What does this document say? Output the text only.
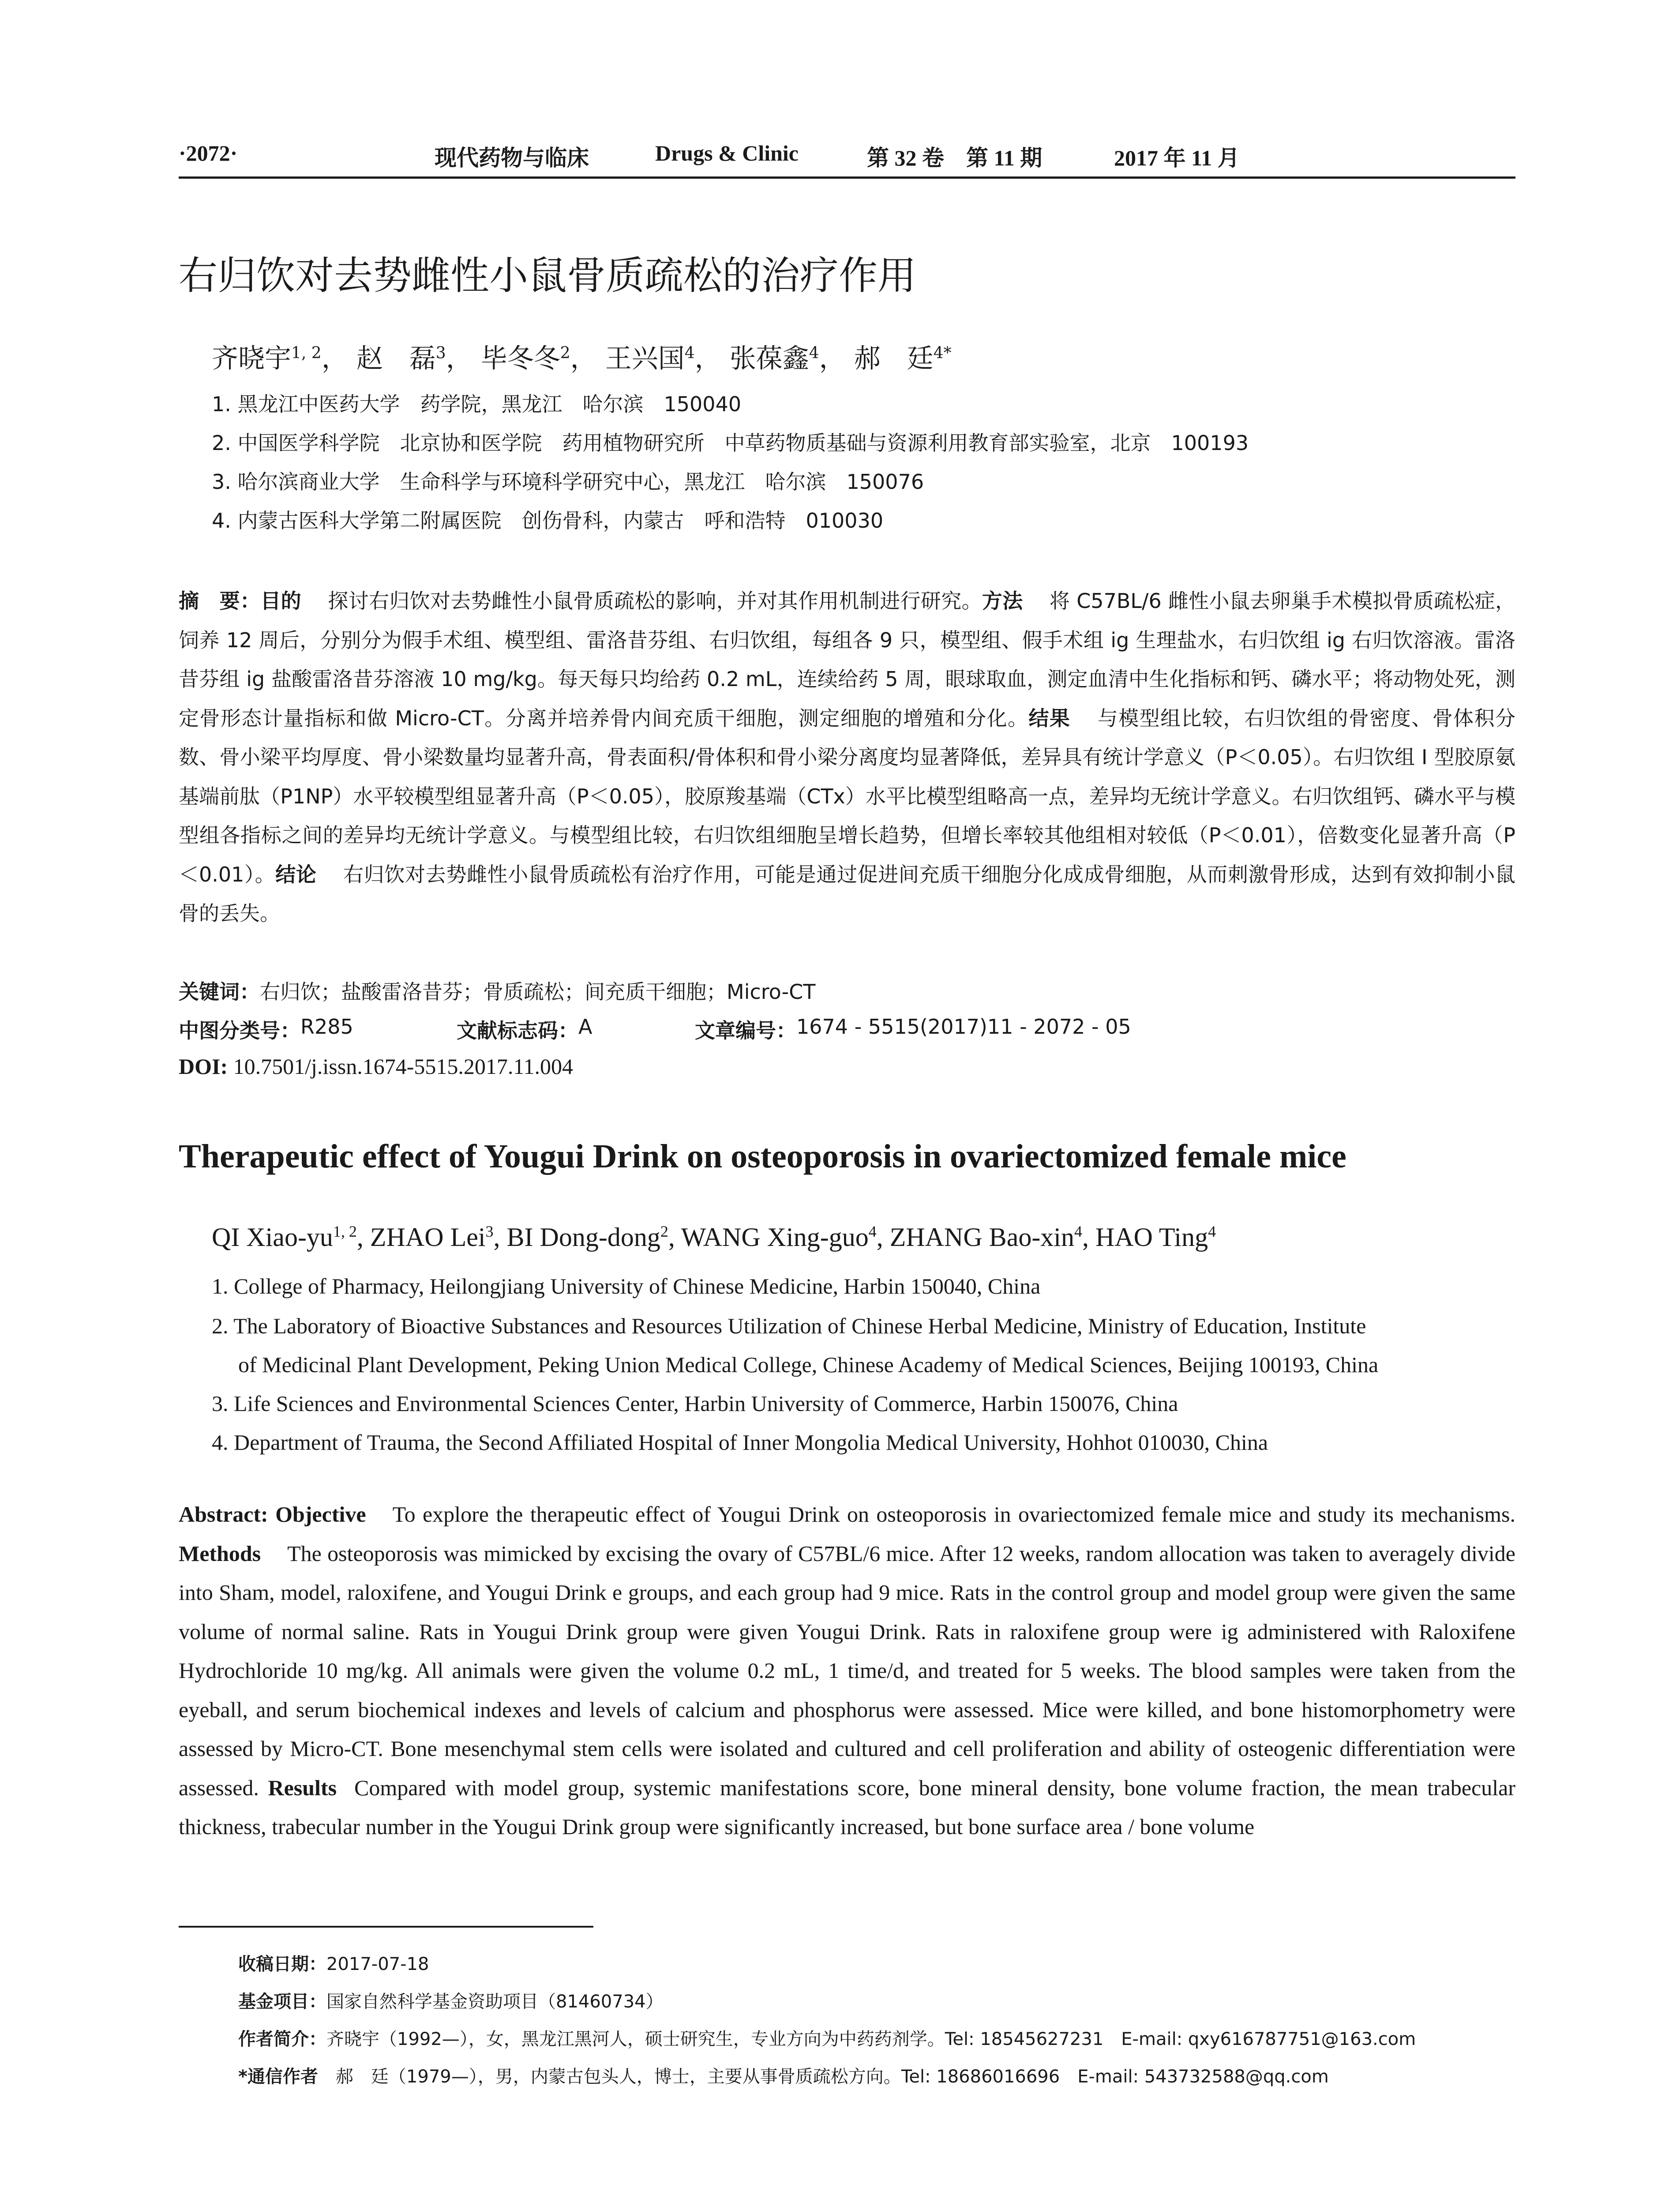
·2072·	现代药物与临床	Drugs & Clinic	第 32 卷　第 11 期	2017 年 11 月
右归饮对去势雌性小鼠骨质疏松的治疗作用
齐晓宇$^{1, 2}$， 赵　磊$^3$， 毕冬冬$^2$， 王兴国$^4$， 张葆鑫$^4$， 郝　廷$^{4*}$
1. 黑龙江中医药大学　药学院，黑龙江　哈尔滨　150040
2. 中国医学科学院　北京协和医学院　药用植物研究所　中草药物质基础与资源利用教育部实验室，北京　100193
3. 哈尔滨商业大学　生命科学与环境科学研究中心，黑龙江　哈尔滨　150076
4. 内蒙古医科大学第二附属医院　创伤骨科，内蒙古　呼和浩特　010030
摘　要：目的 探讨右归饮对去势雌性小鼠骨质疏松的影响，并对其作用机制进行研究。方法 将 C57BL/6 雌性小鼠去卵巢手术模拟骨质疏松症，饲养 12 周后，分别分为假手术组、模型组、雷洛昔芬组、右归饮组，每组各 9 只，模型组、假手术组 ig 生理盐水，右归饮组 ig 右归饮溶液。雷洛昔芬组 ig 盐酸雷洛昔芬溶液 10 mg/kg。每天每只均给药 0.2 mL，连续给药 5 周，眼球取血，测定血清中生化指标和钙、磷水平；将动物处死，测定骨形态计量指标和做 Micro-CT。分离并培养骨内间充质干细胞，测定细胞的增殖和分化。结果 与模型组比较，右归饮组的骨密度、骨体积分数、骨小梁平均厚度、骨小梁数量均显著升高，骨表面积/骨体积和骨小梁分离度均显著降低，差异具有统计学意义（P＜0.05）。右归饮组 I 型胶原氨基端前肽（P1NP）水平较模型组显著升高（P＜0.05），胶原羧基端（CTx）水平比模型组略高一点，差异均无统计学意义。右归饮组钙、磷水平与模型组各指标之间的差异均无统计学意义。与模型组比较，右归饮组细胞呈增长趋势，但增长率较其他组相对较低（P＜0.01），倍数变化显著升高（P＜0.01）。结论 右归饮对去势雌性小鼠骨质疏松有治疗作用，可能是通过促进间充质干细胞分化成成骨细胞，从而刺激骨形成，达到有效抑制小鼠骨的丢失。
关键词：右归饮；盐酸雷洛昔芬；骨质疏松；间充质干细胞；Micro-CT
中图分类号： R285	文献标志码： A	文章编号： 1674 - 5515(2017)11 - 2072 - 05
DOI: 10.7501/j.issn.1674-5515.2017.11.004
Therapeutic effect of Yougui Drink on osteoporosis in ovariectomized female mice
QI Xiao-yu$^{1, 2}$, ZHAO Lei$^3$, BI Dong-dong$^2$, WANG Xing-guo$^4$, ZHANG Bao-xin$^4$, HAO Ting$^4$
1. College of Pharmacy, Heilongjiang University of Chinese Medicine, Harbin 150040, China
2. The Laboratory of Bioactive Substances and Resources Utilization of Chinese Herbal Medicine, Ministry of Education, Institute
of Medicinal Plant Development, Peking Union Medical College, Chinese Academy of Medical Sciences, Beijing 100193, China
3. Life Sciences and Environmental Sciences Center, Harbin University of Commerce, Harbin 150076, China
4. Department of Trauma, the Second Affiliated Hospital of Inner Mongolia Medical University, Hohhot 010030, China
Abstract: Objective To explore the therapeutic effect of Yougui Drink on osteoporosis in ovariectomized female mice and study its mechanisms. Methods The osteoporosis was mimicked by excising the ovary of C57BL/6 mice. After 12 weeks, random allocation was taken to averagely divide into Sham, model, raloxifene, and Yougui Drink e groups, and each group had 9 mice. Rats in the control group and model group were given the same volume of normal saline. Rats in Yougui Drink group were given Yougui Drink. Rats in raloxifene group were ig administered with Raloxifene Hydrochloride 10 mg/kg. All animals were given the volume 0.2 mL, 1 time/d, and treated for 5 weeks. The blood samples were taken from the eyeball, and serum biochemical indexes and levels of calcium and phosphorus were assessed. Mice were killed, and bone histomorphometry were assessed by Micro-CT. Bone mesenchymal stem cells were isolated and cultured and cell proliferation and ability of osteogenic differentiation were assessed. Results Compared with model group, systemic manifestations score, bone mineral density, bone volume fraction, the mean trabecular thickness, trabecular number in the Yougui Drink group were significantly increased, but bone surface area / bone volume
收稿日期：2017-07-18
基金项目：国家自然科学基金资助项目（81460734）
作者简介：齐晓宇（1992—），女，黑龙江黑河人，硕士研究生，专业方向为中药药剂学。Tel: 18545627231　E-mail: qxy616787751@163.com
*通信作者 郝　廷（1979—），男，内蒙古包头人，博士，主要从事骨质疏松方向。Tel: 18686016696　E-mail: 543732588@qq.com
